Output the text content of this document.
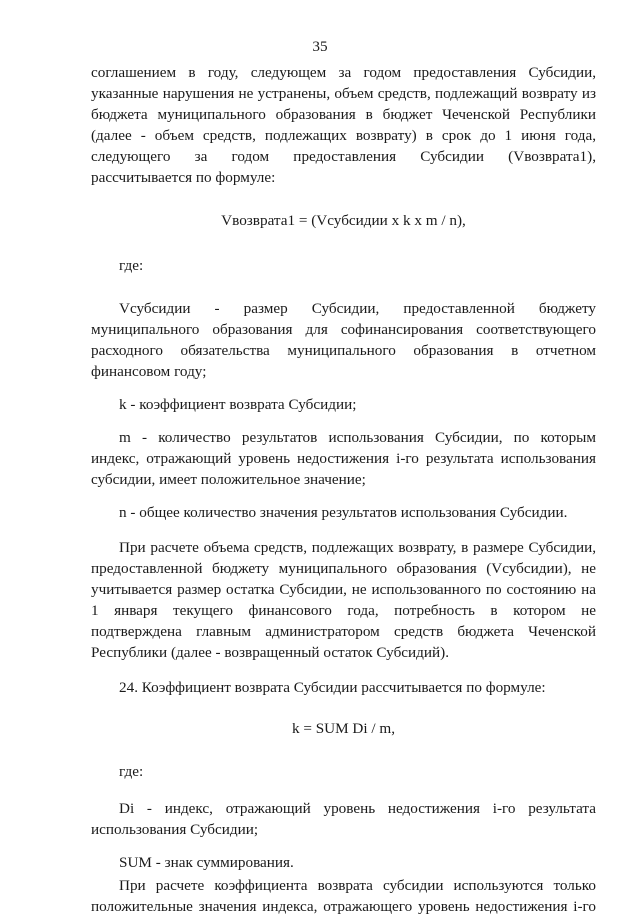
35

соглашением в году, следующем за годом предоставления Субсидии, указанные нарушения не устранены, объем средств, подлежащий возврату из бюджета муниципального образования в бюджет Чеченской Республики (далее - объем средств, подлежащих возврату) в срок до 1 июня года, следующего за годом предоставления Субсидии (Vвозврата1), рассчитывается по формуле:

Vвозврата1 = (Vсубсидии x k x m / n),

где:

Vсубсидии - размер Субсидии, предоставленной бюджету муниципального образования для софинансирования соответствующего расходного обязательства муниципального образования в отчетном финансовом году;

k - коэффициент возврата Субсидии;

m - количество результатов использования Субсидии, по которым индекс, отражающий уровень недостижения i-го результата использования субсидии, имеет положительное значение;

n - общее количество значения результатов использования Субсидии.

При расчете объема средств, подлежащих возврату, в размере Субсидии, предоставленной бюджету муниципального образования (Vсубсидии), не учитывается размер остатка Субсидии, не использованного по состоянию на 1 января текущего финансового года, потребность в котором не подтверждена главным администратором средств бюджета Чеченской Республики (далее - возвращенный остаток Субсидий).

24. Коэффициент возврата Субсидии рассчитывается по формуле:

k = SUM Di / m,

где:

Di - индекс, отражающий уровень недостижения i-го результата использования Субсидии;

SUM - знак суммирования.

При расчете коэффициента возврата субсидии используются только положительные значения индекса, отражающего уровень недостижения i-го
